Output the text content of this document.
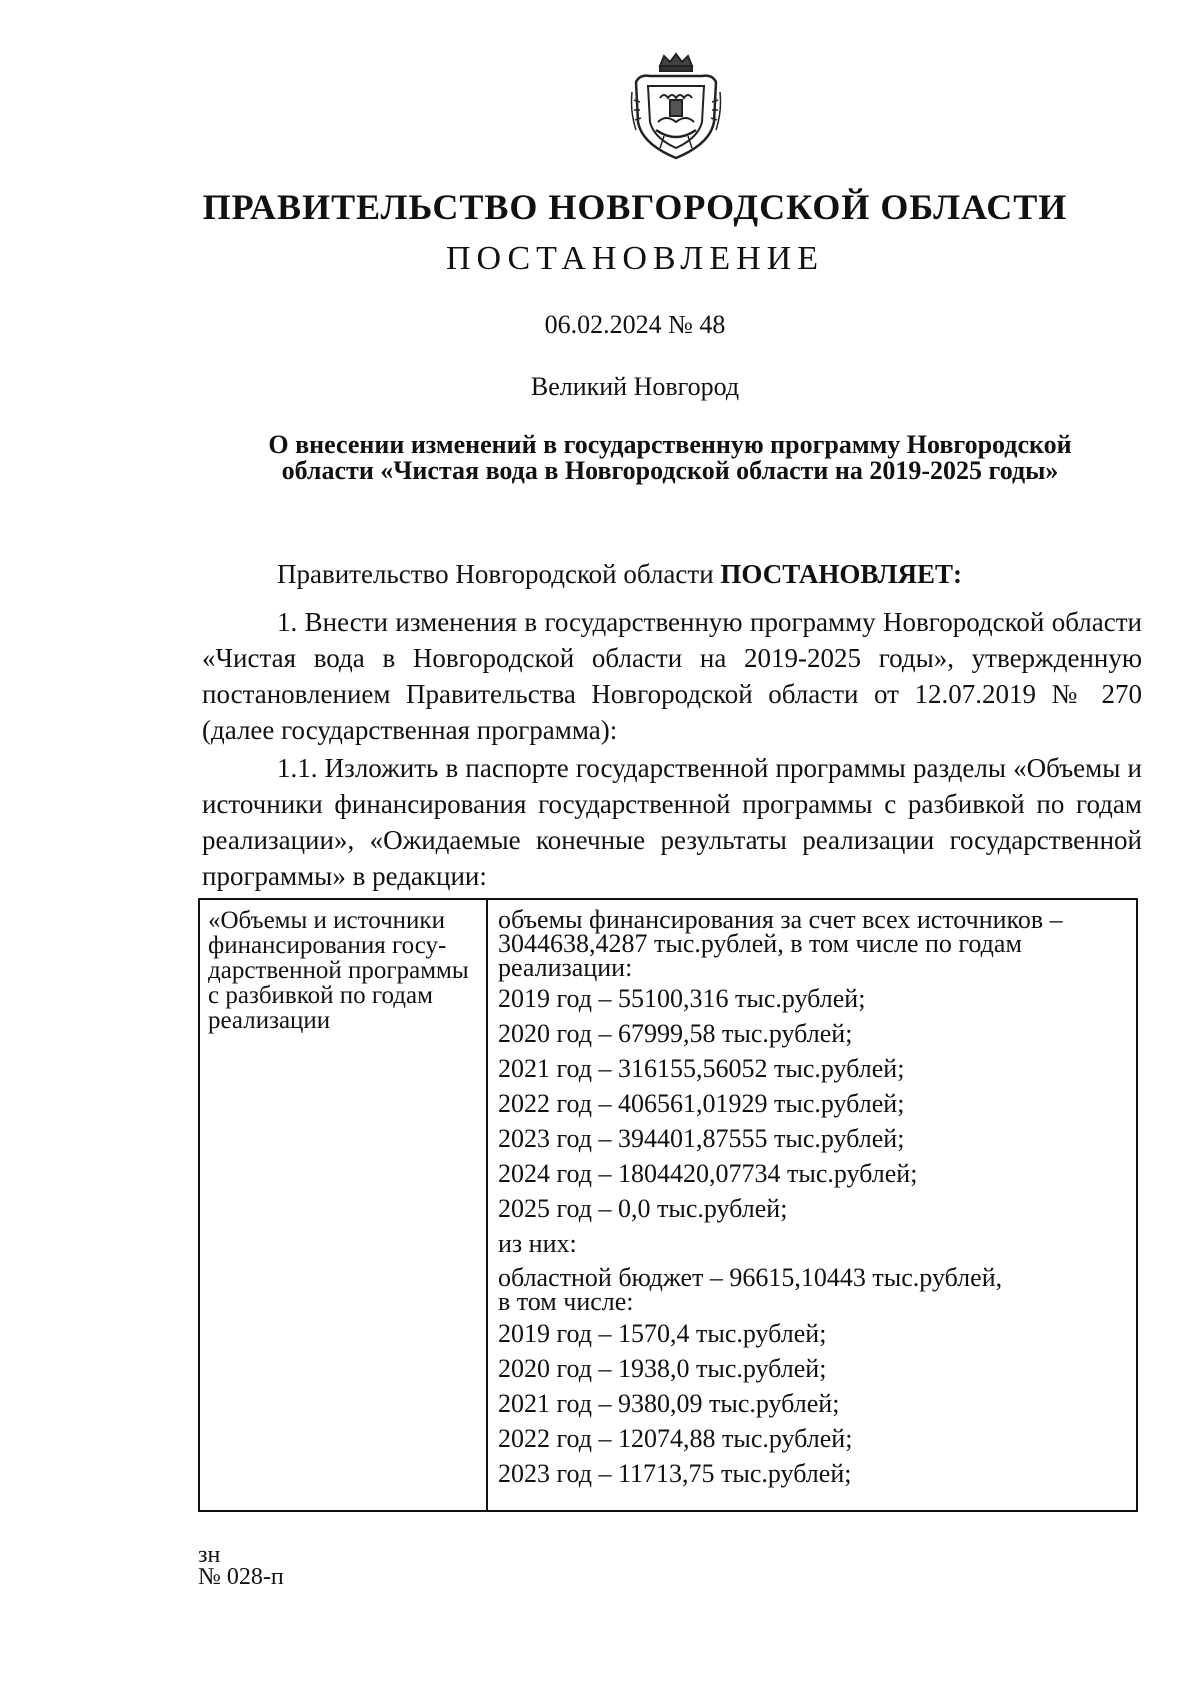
ПРАВИТЕЛЬСТВО НОВГОРОДСКОЙ ОБЛАСТИ
ПОСТАНОВЛЕНИЕ
06.02.2024 № 48
Великий Новгород
О внесении изменений в государственную программу Новгородской
области «Чистая вода в Новгородской области на 2019-2025 годы»

Правительство Новгородской области ПОСТАНОВЛЯЕТ:

1. Внести изменения в государственную программу Новгородской области «Чистая вода в Новгородской области на 2019-2025 годы», утвержденную постановлением Правительства Новгородской области от 12.07.2019 № 270 (далее государственная программа):

1.1. Изложить в паспорте государственной программы разделы «Объемы и источники финансирования государственной программы с разбивкой по годам реализации», «Ожидаемые конечные результаты реализации государственной программы» в редакции:

«Объемы и источники
финансирования госу-
дарственной программы
с разбивкой по годам
реализации
объемы финансирования за счет всех источников –
3044638,4287 тыс.рублей, в том числе по годам
реализации:
2019 год – 55100,316 тыс.рублей;
2020 год – 67999,58 тыс.рублей;
2021 год – 316155,56052 тыс.рублей;
2022 год – 406561,01929 тыс.рублей;
2023 год – 394401,87555 тыс.рублей;
2024 год – 1804420,07734 тыс.рублей;
2025 год – 0,0 тыс.рублей;
из них:
областной бюджет – 96615,10443 тыс.рублей,
в том числе:
2019 год – 1570,4 тыс.рублей;
2020 год – 1938,0 тыс.рублей;
2021 год – 9380,09 тыс.рублей;
2022 год – 12074,88 тыс.рублей;
2023 год – 11713,75 тыс.рублей;
зн
№ 028-п
